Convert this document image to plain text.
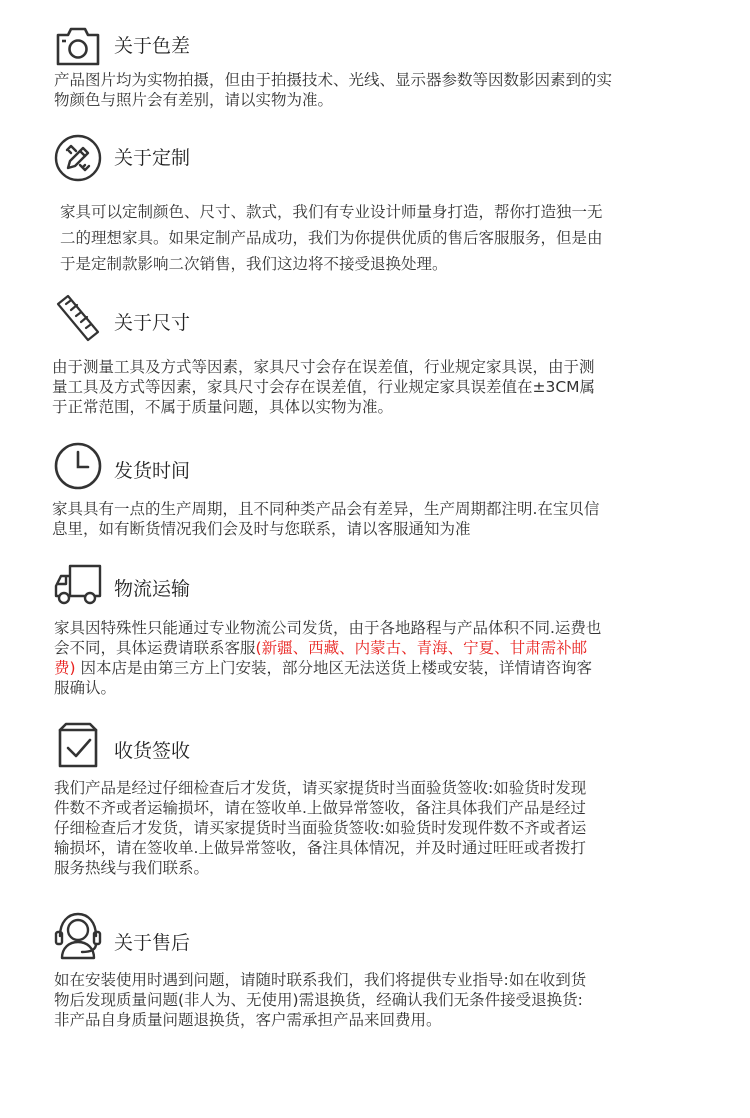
关于色差

产品图片均为实物拍摄，但由于拍摄技术、光线、显示器参数等因数影因素到的实

物颜色与照片会有差别，请以实物为准。

关于定制

家具可以定制颜色、尺寸、款式，我们有专业设计师量身打造，帮你打造独一无

二的理想家具。如果定制产品成功，我们为你提供优质的售后客服服务，但是由

于是定制款影响二次销售，我们这边将不接受退换处理。

关于尺寸

由于测量工具及方式等因素，家具尺寸会存在误差值，行业规定家具误，由于测

量工具及方式等因素，家具尺寸会存在误差值，行业规定家具误差值在±3CM属

于正常范围，不属于质量问题，具体以实物为准。

发货时间

家具具有一点的生产周期，且不同种类产品会有差异，生产周期都注明.在宝贝信

息里，如有断货情况我们会及时与您联系，请以客服通知为准

物流运输

家具因特殊性只能通过专业物流公司发货，由于各地路程与产品体积不同.运费也

会不同，具体运费请联系客服(新疆、西藏、内蒙古、青海、宁夏、甘肃需补邮

费) 因本店是由第三方上门安装，部分地区无法送货上楼或安装，详情请咨询客

服确认。

收货签收

我们产品是经过仔细检查后才发货，请买家提货时当面验货签收:如验货时发现

件数不齐或者运输损坏，请在签收单.上做异常签收，备注具体我们产品是经过

仔细检查后才发货，请买家提货时当面验货签收:如验货时发现件数不齐或者运

输损坏，请在签收单.上做异常签收，备注具体情况，并及时通过旺旺或者拨打

服务热线与我们联系。

关于售后

如在安装使用时遇到问题，请随时联系我们，我们将提供专业指导:如在收到货

物后发现质量问题(非人为、无使用)需退换货，经确认我们无条件接受退换货:

非产品自身质量问题退换货，客户需承担产品来回费用。
